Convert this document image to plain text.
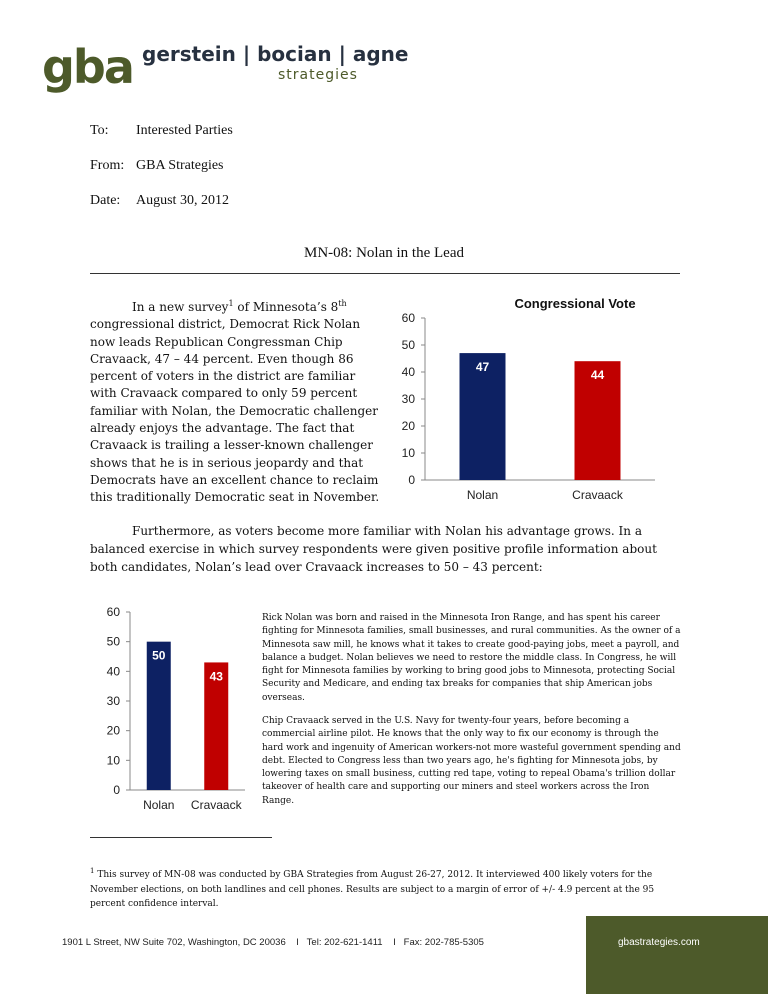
gba gerstein | bocian | agne
strategies
To: Interested Parties
From: GBA Strategies
Date: August 30, 2012
MN-08: Nolan in the Lead
In a new survey$^1$ of Minnesota’s 8th congressional district, Democrat Rick Nolan now leads Republican Congressman Chip Cravaack, 47 – 44 percent. Even though 86 percent of voters in the district are familiar with Cravaack compared to only 59 percent familiar with Nolan, the Democratic challenger already enjoys the advantage. The fact that Cravaack is trailing a lesser-known challenger shows that he is in serious jeopardy and that Democrats have an excellent chance to reclaim this traditionally Democratic seat in November.
Congressional Vote
0
10
20
30
40
50
60
47
Nolan
44
Cravaack
Furthermore, as voters become more familiar with Nolan his advantage grows. In a balanced exercise in which survey respondents were given positive profile information about both candidates, Nolan’s lead over Cravaack increases to 50 – 43 percent:
0
10
20
30
40
50
60
50
Nolan
43
Cravaack
Rick Nolan was born and raised in the Minnesota Iron Range, and has spent his career fighting for Minnesota families, small businesses, and rural communities. As the owner of a Minnesota saw mill, he knows what it takes to create good-paying jobs, meet a payroll, and balance a budget. Nolan believes we need to restore the middle class. In Congress, he will fight for Minnesota families by working to bring good jobs to Minnesota, protecting Social Security and Medicare, and ending tax breaks for companies that ship American jobs overseas.
Chip Cravaack served in the U.S. Navy for twenty-four years, before becoming a commercial airline pilot. He knows that the only way to fix our economy is through the hard work and ingenuity of American workers-not more wasteful government spending and debt. Elected to Congress less than two years ago, he's fighting for Minnesota jobs, by lowering taxes on small business, cutting red tape, voting to repeal Obama's trillion dollar takeover of health care and supporting our miners and steel workers across the Iron Range.
$^1$ This survey of MN-08 was conducted by GBA Strategies from August 26-27, 2012. It interviewed 400 likely voters for the November elections, on both landlines and cell phones. Results are subject to a margin of error of +/- 4.9 percent at the 95 percent confidence interval.
1901 L Street, NW Suite 702, Washington, DC 20036    I   Tel: 202-621-1411    I   Fax: 202-785-5305	gbastrategies.com
